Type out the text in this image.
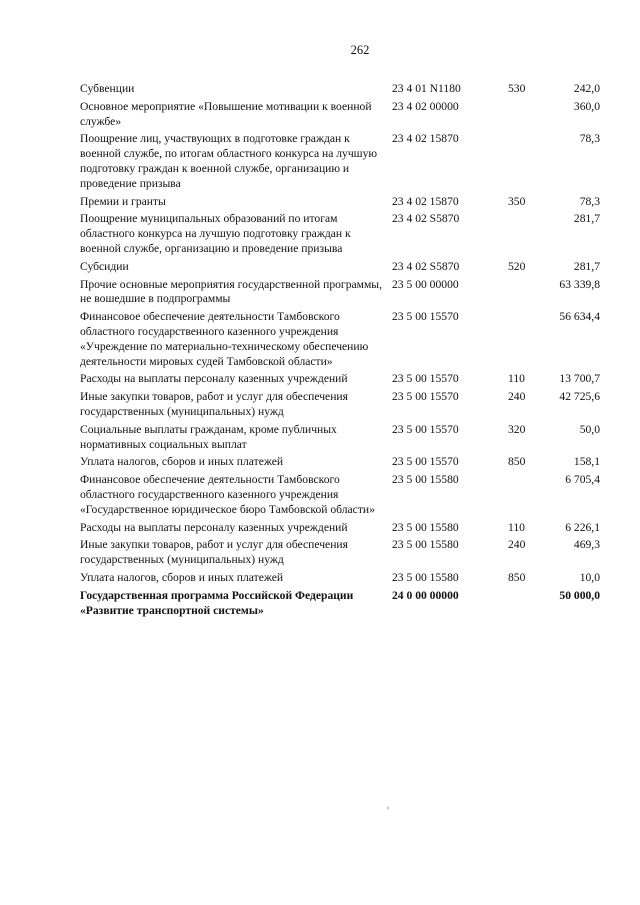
262
Субвенции	23 4 01 N1180	530	242,0
Основное мероприятие «Повышение мотивации к военной службе»	23 4 02 00000		360,0
Поощрение лиц, участвующих в подготовке граждан к военной службе, по итогам областного конкурса на лучшую подготовку граждан к военной службе, организацию и проведение призыва	23 4 02 15870		78,3
Премии и гранты	23 4 02 15870	350	78,3
Поощрение муниципальных образований по итогам областного конкурса на лучшую подготовку граждан к военной службе, организацию и проведение призыва	23 4 02 S5870		281,7
Субсидии	23 4 02 S5870	520	281,7
Прочие основные мероприятия государственной программы, не вошедшие в подпрограммы	23 5 00 00000		63 339,8
Финансовое обеспечение деятельности Тамбовского областного государственного казенного учреждения «Учреждение по материально-техническому обеспечению деятельности мировых судей Тамбовской области»	23 5 00 15570		56 634,4
Расходы на выплаты персоналу казенных учреждений	23 5 00 15570	110	13 700,7
Иные закупки товаров, работ и услуг для обеспечения государственных (муниципальных) нужд	23 5 00 15570	240	42 725,6
Социальные выплаты гражданам, кроме публичных нормативных социальных выплат	23 5 00 15570	320	50,0
Уплата налогов, сборов и иных платежей	23 5 00 15570	850	158,1
Финансовое обеспечение деятельности Тамбовского областного государственного казенного учреждения «Государственное юридическое бюро Тамбовской области»	23 5 00 15580		6 705,4
Расходы на выплаты персоналу казенных учреждений	23 5 00 15580	110	6 226,1
Иные закупки товаров, работ и услуг для обеспечения государственных (муниципальных) нужд	23 5 00 15580	240	469,3
Уплата налогов, сборов и иных платежей	23 5 00 15580	850	10,0
Государственная программа Российской Федерации «Развитие транспортной системы»	24 0 00 00000		50 000,0
